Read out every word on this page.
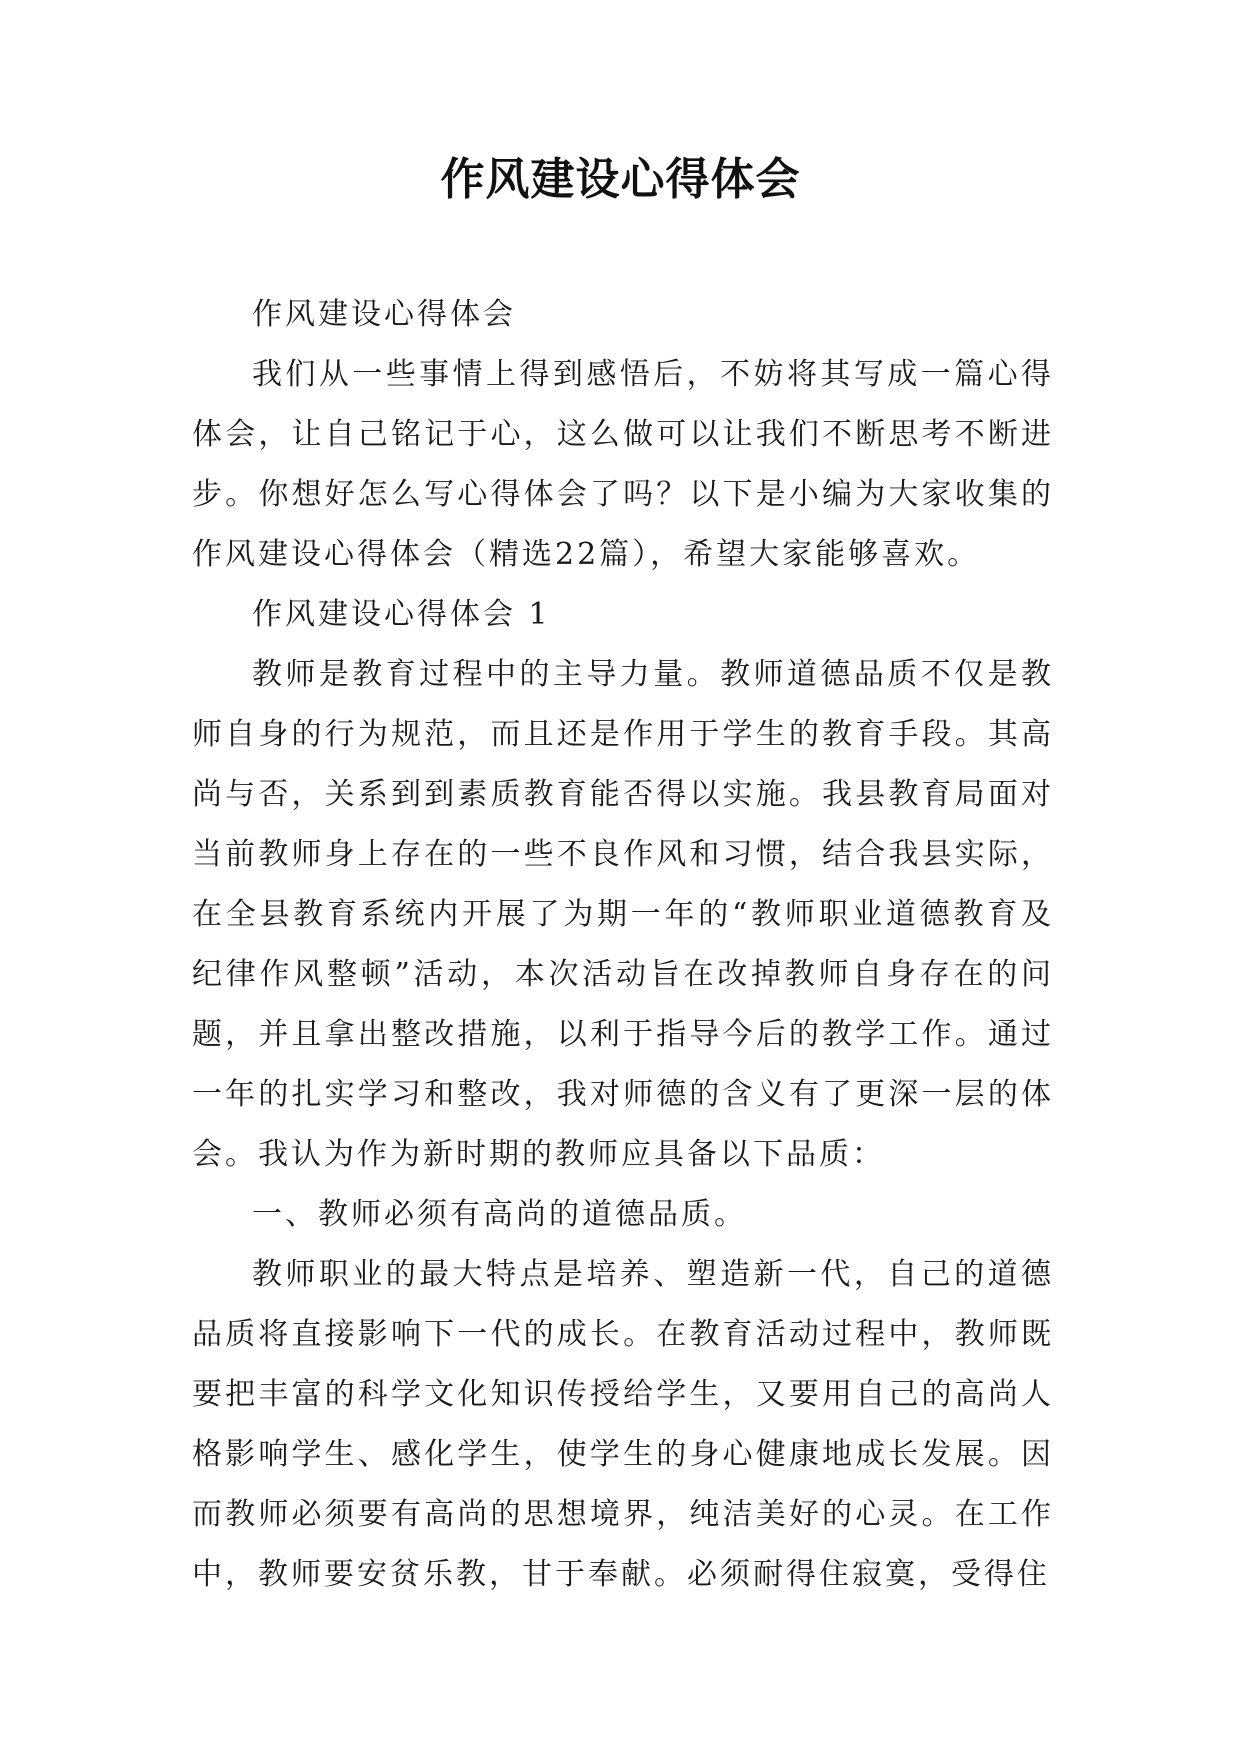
作风建设心得体会

作风建设心得体会

我们从一些事情上得到感悟后，不妨将其写成一篇心得体会，让自己铭记于心，这么做可以让我们不断思考不断进步。你想好怎么写心得体会了吗？以下是小编为大家收集的作风建设心得体会（精选22篇），希望大家能够喜欢。

作风建设心得体会 1

教师是教育过程中的主导力量。教师道德品质不仅是教师自身的行为规范，而且还是作用于学生的教育手段。其高尚与否，关系到到素质教育能否得以实施。我县教育局面对当前教师身上存在的一些不良作风和习惯，结合我县实际，在全县教育系统内开展了为期一年的“教师职业道德教育及纪律作风整顿”活动，本次活动旨在改掉教师自身存在的问题，并且拿出整改措施，以利于指导今后的教学工作。通过一年的扎实学习和整改，我对师德的含义有了更深一层的体会。我认为作为新时期的教师应具备以下品质：

一、教师必须有高尚的道德品质。

教师职业的最大特点是培养、塑造新一代，自己的道德品质将直接影响下一代的成长。在教育活动过程中，教师既要把丰富的科学文化知识传授给学生，又要用自己的高尚人格影响学生、感化学生，使学生的身心健康地成长发展。因而教师必须要有高尚的思想境界，纯洁美好的心灵。在工作中，教师要安贫乐教，甘于奉献。必须耐得住寂寞，受得住
